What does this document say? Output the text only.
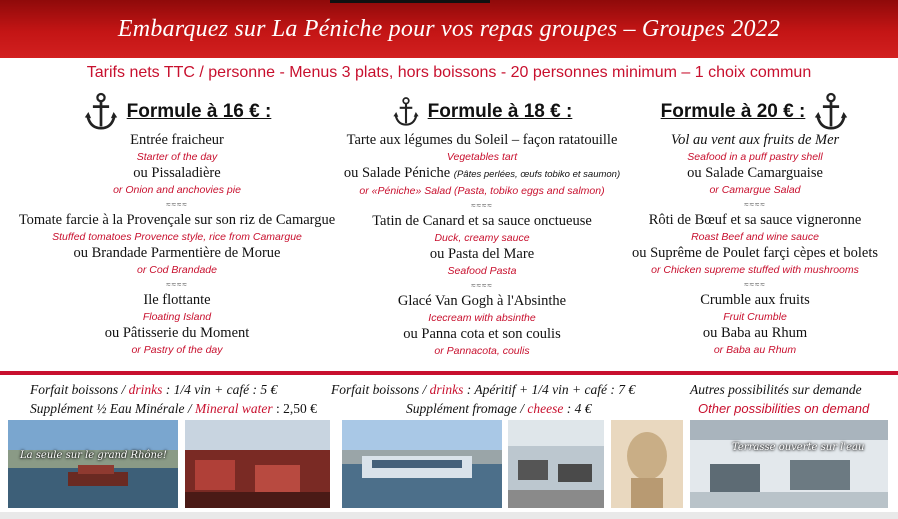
Embarquez sur La Péniche pour vos repas groupes – Groupes 2022
Tarifs nets TTC / personne - Menus 3 plats, hors boissons - 20 personnes minimum – 1 choix commun
Formule à 16 € :
Entrée fraicheur
Starter of the day
ou Pissaladière
or Onion and anchovies pie
≈≈≈≈
Tomate farcie à la Provençale sur son riz de Camargue
Stuffed tomatoes Provence style, rice from Camargue
ou Brandade Parmentière de Morue
or Cod Brandade
≈≈≈≈
Ile flottante
Floating Island
ou Pâtisserie du Moment
or Pastry of the day
Formule à 18 € :
Tarte aux légumes du Soleil – façon ratatouille
Vegetables tart
ou Salade Péniche (Pâtes perlées, œufs tobiko et saumon)
or «Péniche» Salad (Pasta, tobiko eggs and salmon)
≈≈≈≈
Tatin de Canard et sa sauce onctueuse
Duck, creamy sauce
ou Pasta del Mare
Seafood Pasta
≈≈≈≈
Glacé Van Gogh à l'Absinthe
Icecream with absinthe
ou Panna cota et son coulis
or Pannacota, coulis
Formule à 20 € :
Vol au vent aux fruits de Mer
Seafood in a puff pastry shell
ou Salade Camarguaise
or Camargue Salad
≈≈≈≈
Rôti de Bœuf et sa sauce vigneronne
Roast Beef and wine sauce
ou Suprême de Poulet farçi cèpes et bolets
or Chicken supreme stuffed with mushrooms
≈≈≈≈
Crumble aux fruits
Fruit Crumble
ou Baba au Rhum
or Baba au Rhum
Forfait boissons / drinks : 1/4 vin + café : 5 €	Forfait boissons / drinks : Apéritif + 1/4 vin + café : 7 €	Autres possibilités sur demande
Supplément ½ Eau Minérale / Mineral water : 2,50 €	Supplément fromage / cheese : 4 €	Other possibilities on demand
La seule sur le grand Rhône!
Terrasse ouverte sur l'eau
